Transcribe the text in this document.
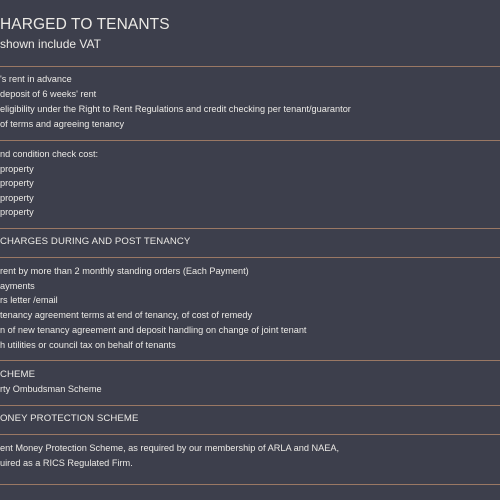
HARGED TO TENANTS
shown include VAT
's rent in advance
deposit of 6 weeks' rent
eligibility under the Right to Rent Regulations and credit checking per tenant/guarantor
of terms and agreeing tenancy
nd condition check cost:
property
property
property
property
CHARGES DURING AND POST TENANCY
rent by more than 2 monthly standing orders (Each Payment)
ayments
rs letter /email
tenancy agreement terms at end of tenancy, of cost of remedy
n of new tenancy agreement and deposit handling on change of joint tenant
h utilities or council tax on behalf of tenants
CHEME
rty Ombudsman Scheme
ONEY PROTECTION SCHEME
ent Money Protection Scheme, as required by our membership of ARLA and NAEA,
uired as a RICS Regulated Firm.
